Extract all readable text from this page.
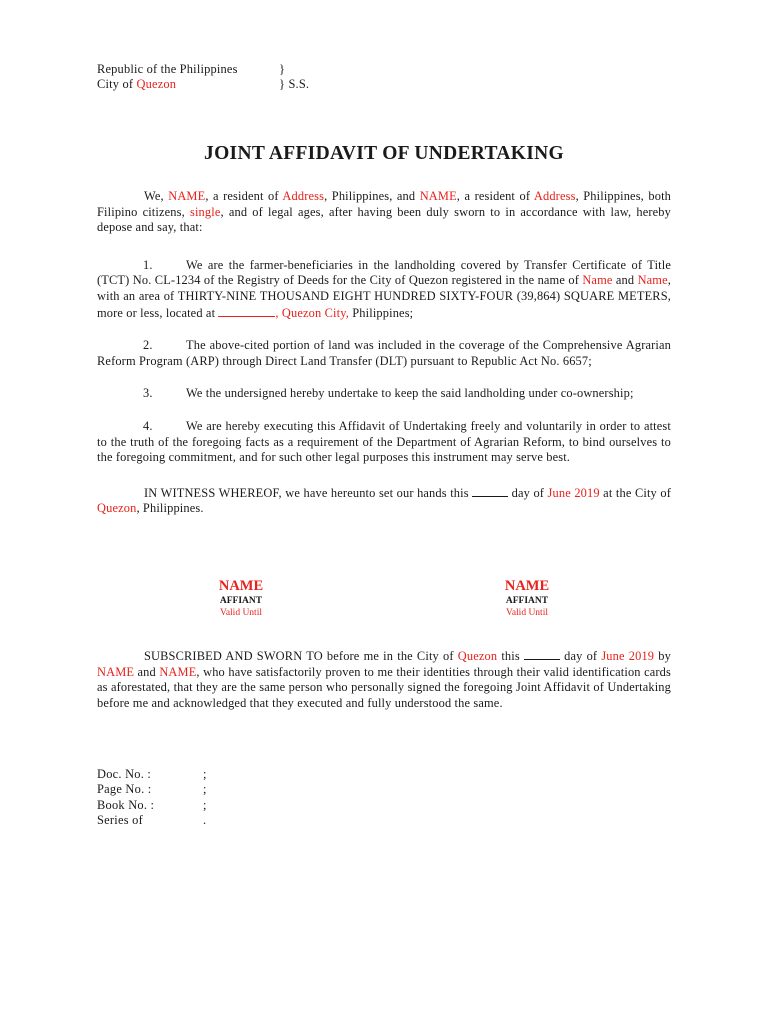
Republic of the Philippines	}
City of Quezon	} S.S.
JOINT AFFIDAVIT OF UNDERTAKING

We, NAME, a resident of Address, Philippines, and NAME, a resident of Address, Philippines, both Filipino citizens, single, and of legal ages, after having been duly sworn to in accordance with law, hereby depose and say, that:

1.	We are the farmer-beneficiaries in the landholding covered by Transfer Certificate of Title (TCT) No. CL-1234 of the Registry of Deeds for the City of Quezon registered in the name of Name and Name, with an area of THIRTY-NINE THOUSAND EIGHT HUNDRED SIXTY-FOUR (39,864) SQUARE METERS, more or less, located at	, Quezon City, Philippines;

2.	The above-cited portion of land was included in the coverage of the Comprehensive Agrarian Reform Program (ARP) through Direct Land Transfer (DLT) pursuant to Republic Act No. 6657;

3.	We the undersigned hereby undertake to keep the said landholding under co-ownership;

4.	We are hereby executing this Affidavit of Undertaking freely and voluntarily in order to attest to the truth of the foregoing facts as a requirement of the Department of Agrarian Reform, to bind ourselves to the foregoing commitment, and for such other legal purposes this instrument may serve best.

IN WITNESS WHEREOF, we have hereunto set our hands this	day of June 2019 at the City of Quezon, Philippines.

NAME
AFFIANT
Valid Until
NAME
AFFIANT
Valid Until

SUBSCRIBED AND SWORN TO before me in the City of Quezon this	day of June 2019 by NAME and NAME, who have satisfactorily proven to me their identities through their valid identification cards as aforestated, that they are the same person who personally signed the foregoing Joint Affidavit of Undertaking before me and acknowledged that they executed and fully understood the same.

Doc. No. :	;
Page No. :	;
Book No. :	;
Series of	.
